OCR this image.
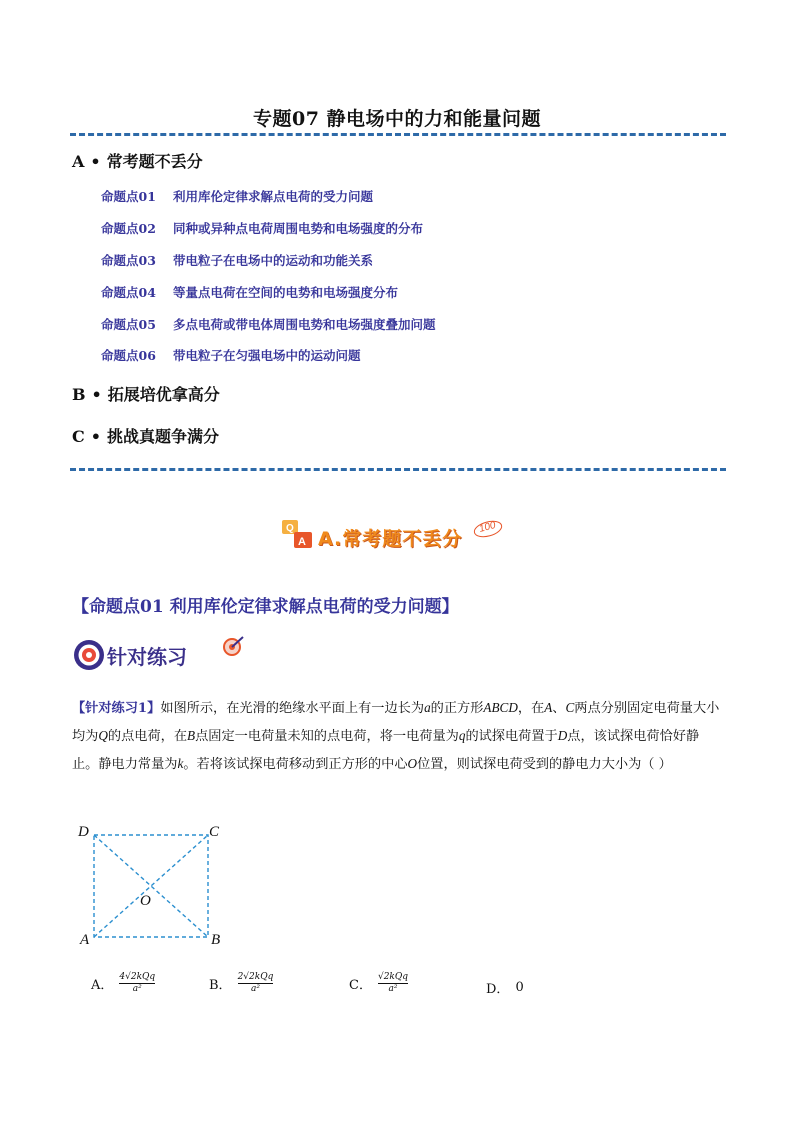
专题07 静电场中的力和能量问题
A • 常考题不丢分
命题点01 利用库伦定律求解点电荷的受力问题
命题点02 同种或异种点电荷周围电势和电场强度的分布
命题点03 带电粒子在电场中的运动和功能关系
命题点04 等量点电荷在空间的电势和电场强度分布
命题点05 多点电荷或带电体周围电势和电场强度叠加问题
命题点06 带电粒子在匀强电场中的运动问题
B • 拓展培优拿高分
C • 挑战真题争满分
Q
A
100
A.常考题不丢分
【命题点01 利用库伦定律求解点电荷的受力问题】
针对练习
【针对练习1】如图所示，在光滑的绝缘水平面上有一边长为a的正方形ABCD，在A、C两点分别固定电荷量大小均为Q的点电荷，在B点固定一电荷量未知的点电荷，将一电荷量为q的试探电荷置于D点，该试探电荷恰好静止。静电力常量为k。若将该试探电荷移动到正方形的中心O位置，则试探电荷受到的静电力大小为（ ）
D	C
O
A	B
A． $\frac{\text{4√2kQq}}{\text{a²}}$	B． $\frac{\text{2√2kQq}}{\text{a²}}$	C． $\frac{\text{√2kQq}}{\text{a²}}$	D． 0
